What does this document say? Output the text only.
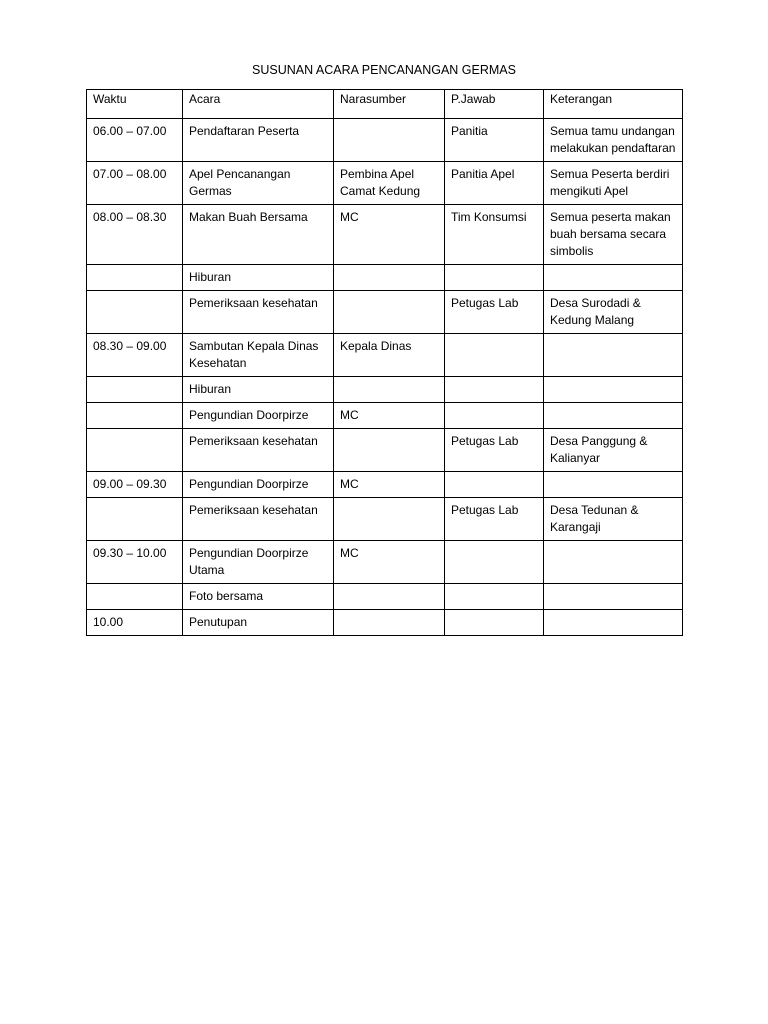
SUSUNAN ACARA PENCANANGAN GERMAS
Waktu	Acara	Narasumber	P.Jawab	Keterangan
06.00 – 07.00	Pendaftaran Peserta		Panitia	Semua tamu undangan melakukan pendaftaran
07.00 – 08.00	Apel Pencanangan Germas	Pembina Apel Camat Kedung	Panitia Apel	Semua Peserta berdiri mengikuti Apel
08.00 – 08.30	Makan Buah Bersama	MC	Tim Konsumsi	Semua peserta makan buah bersama secara simbolis
	Hiburan			
	Pemeriksaan kesehatan		Petugas Lab	Desa Surodadi & Kedung Malang
08.30 – 09.00	Sambutan Kepala Dinas Kesehatan	Kepala Dinas		
	Hiburan			
	Pengundian Doorpirze	MC		
	Pemeriksaan kesehatan		Petugas Lab	Desa Panggung & Kalianyar
09.00 – 09.30	Pengundian Doorpirze	MC		
	Pemeriksaan kesehatan		Petugas Lab	Desa Tedunan & Karangaji
09.30 – 10.00	Pengundian Doorpirze Utama	MC		
	Foto bersama			
10.00	Penutupan			
